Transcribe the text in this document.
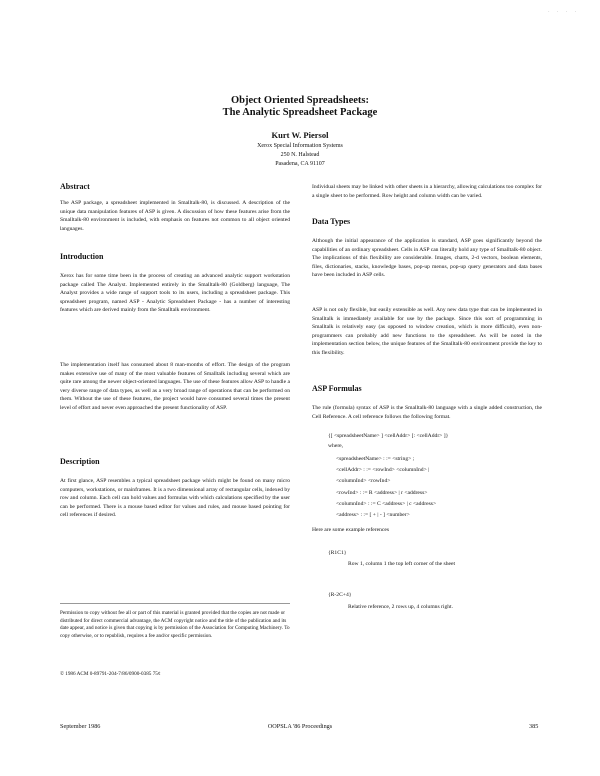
· · · ·
Object Oriented Spreadsheets:
The Analytic Spreadsheet Package
Kurt W. Piersol
Xerox Special Information Systems
250 N. Halstead
Pasadena, CA 91107
Abstract

The ASP package, a spreadsheet implemented in Smalltalk-80, is discussed. A description of the unique data manipulation features of ASP is given. A discussion of how these features arise from the Smalltalk-80 environment is included, with emphasis on features not common to all object oriented languages.

Introduction

Xerox has for some time been in the process of creating an advanced analytic support workstation package called The Analyst. Implemented entirely in the Smalltalk-80 (Goldberg) language, The Analyst provides a wide range of support tools to its users, including a spreadsheet package. This spreadsheet program, named ASP - Analytic Spreadsheet Package - has a number of interesting features which are derived mainly from the Smalltalk environment.

The implementation itself has consumed about 8 man-months of effort. The design of the program makes extensive use of many of the most valuable features of Smalltalk including several which are quite rare among the newer object-oriented languages. The use of these features allow ASP to handle a very diverse range of data types, as well as a very broad range of operations that can be performed on them. Without the use of these features, the project would have consumed several times the present level of effort and never even approached the present functionality of ASP.

Description

At first glance, ASP resembles a typical spreadsheet package which might be found on many micro computers, workstations, or mainframes. It is a two dimensional array of rectangular cells, indexed by row and column. Each cell can hold values and formulas with which calculations specified by the user can be performed. There is a mouse based editor for values and rules, and mouse based pointing for cell references if desired.

Permission to copy without fee all or part of this material is granted provided that the copies are not made or distributed for direct commercial advantage, the ACM copyright notice and the title of the publication and its date appear, and notice is given that copying is by permission of the Association for Computing Machinery. To copy otherwise, or to republish, requires a fee and/or specific permission.
© 1986 ACM 0-89791-204-7/86/0900-0385 75¢

Individual sheets may be linked with other sheets in a hierarchy, allowing calculations too complex for a single sheet to be performed. Row height and column width can be varied.

Data Types

Although the initial appearance of the application is standard, ASP goes significantly beyond the capabilities of an ordinary spreadsheet. Cells in ASP can literally hold any type of Smalltalk-80 object. The implications of this flexibility are considerable. Images, charts, 2-d vectors, boolean elements, files, dictionaries, stacks, knowledge bases, pop-up menus, pop-up query generators and data bases have been included in ASP cells.

ASP is not only flexible, but easily extensible as well. Any new data type that can be implemented in Smalltalk is immediately available for use by the package. Since this sort of programming in Smalltalk is relatively easy (as opposed to window creation, which is more difficult), even non-programmers can probably add new functions to the spreadsheet. As will be noted in the implementation section below, the unique features of the Smalltalk-80 environment provide the key to this flexibility.

ASP Formulas

The rule (formula) syntax of ASP is the Smalltalk-80 language with a single added construction, the Cell Reference. A cell reference follows the following format.

{[ <spreadsheetName> ] <cellAddr> [: <cellAddr> ]}
where,
<spreadsheetName> : := <string> ;
<cellAddr> : := <rowInd> <columnInd> |
<columnInd> <rowInd>
<rowInd> : := R <address> | r <address>
<columnInd> : := C <address> | c <address>
<address> : := [ + | - ] <number>
Here are some example references
{R1C1}
Row 1, column 1 the top left corner of the sheet
{R-2C+4}
Relative reference, 2 rows up, 4 columns right.
September 1986	OOPSLA '86 Proceedings	385
